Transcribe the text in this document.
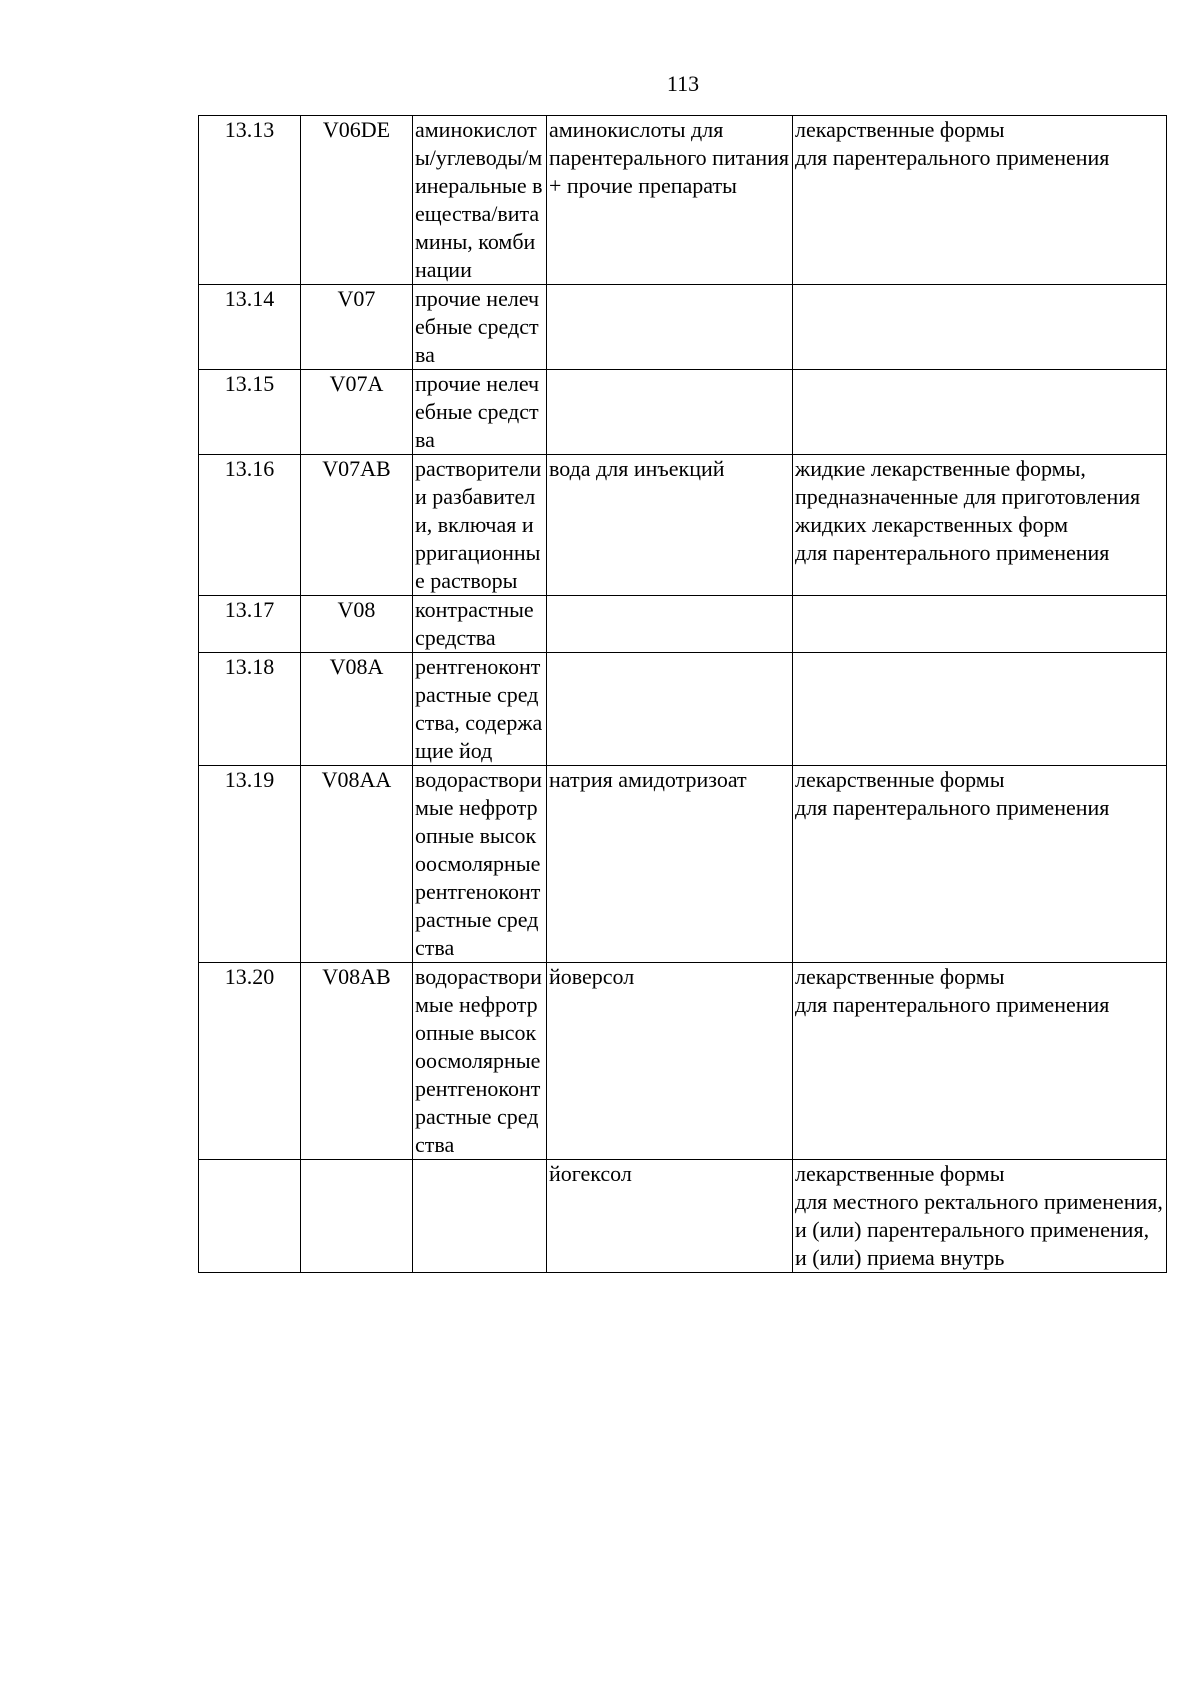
113
13.13	V06DE	аминокислоты/углеводы/минеральные вещества/витамины, комбинации	аминокислоты для парентерального питания + прочие препараты	лекарственные формы
для парентерального применения

13.14	V07	прочие нелечебные средства		
13.15	V07A	прочие нелечебные средства		
13.16	V07AB	растворители и разбавители, включая ирригационные растворы	вода для инъекций	жидкие лекарственные формы, предназначенные для приготовления жидких лекарственных форм
для парентерального применения

13.17	V08	контрастные средства		
13.18	V08A	рентгеноконтрастные средства, содержащие йод		
13.19	V08AA	водорастворимые нефротропные высокоосмолярные рентгеноконтрастные средства	натрия амидотризоат	лекарственные формы
для парентерального применения

13.20	V08AB	водорастворимые нефротропные высокоосмолярные рентгеноконтрастные средства	йоверсол	лекарственные формы
для парентерального применения

			йогексол	лекарственные формы
для местного ректального применения, и (или) парентерального применения, и (или) приема внутрь
